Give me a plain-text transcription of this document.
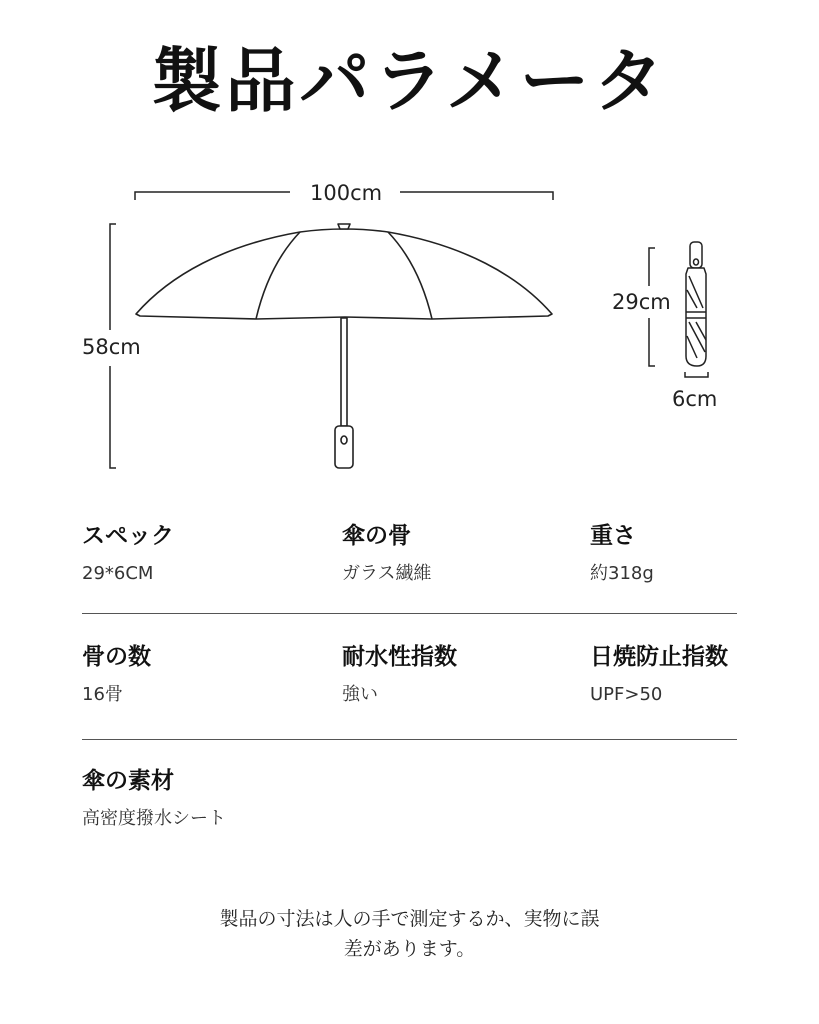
製品パラメータ
100cm
58cm
29cm
6cm
スペック
29*6CM
傘の骨
ガラス繊維
重さ
約318g
骨の数
16骨
耐水性指数
強い
日焼防止指数
UPF>50
傘の素材
高密度撥水シート
製品の寸法は人の手で測定するか、実物に誤
差があります。
